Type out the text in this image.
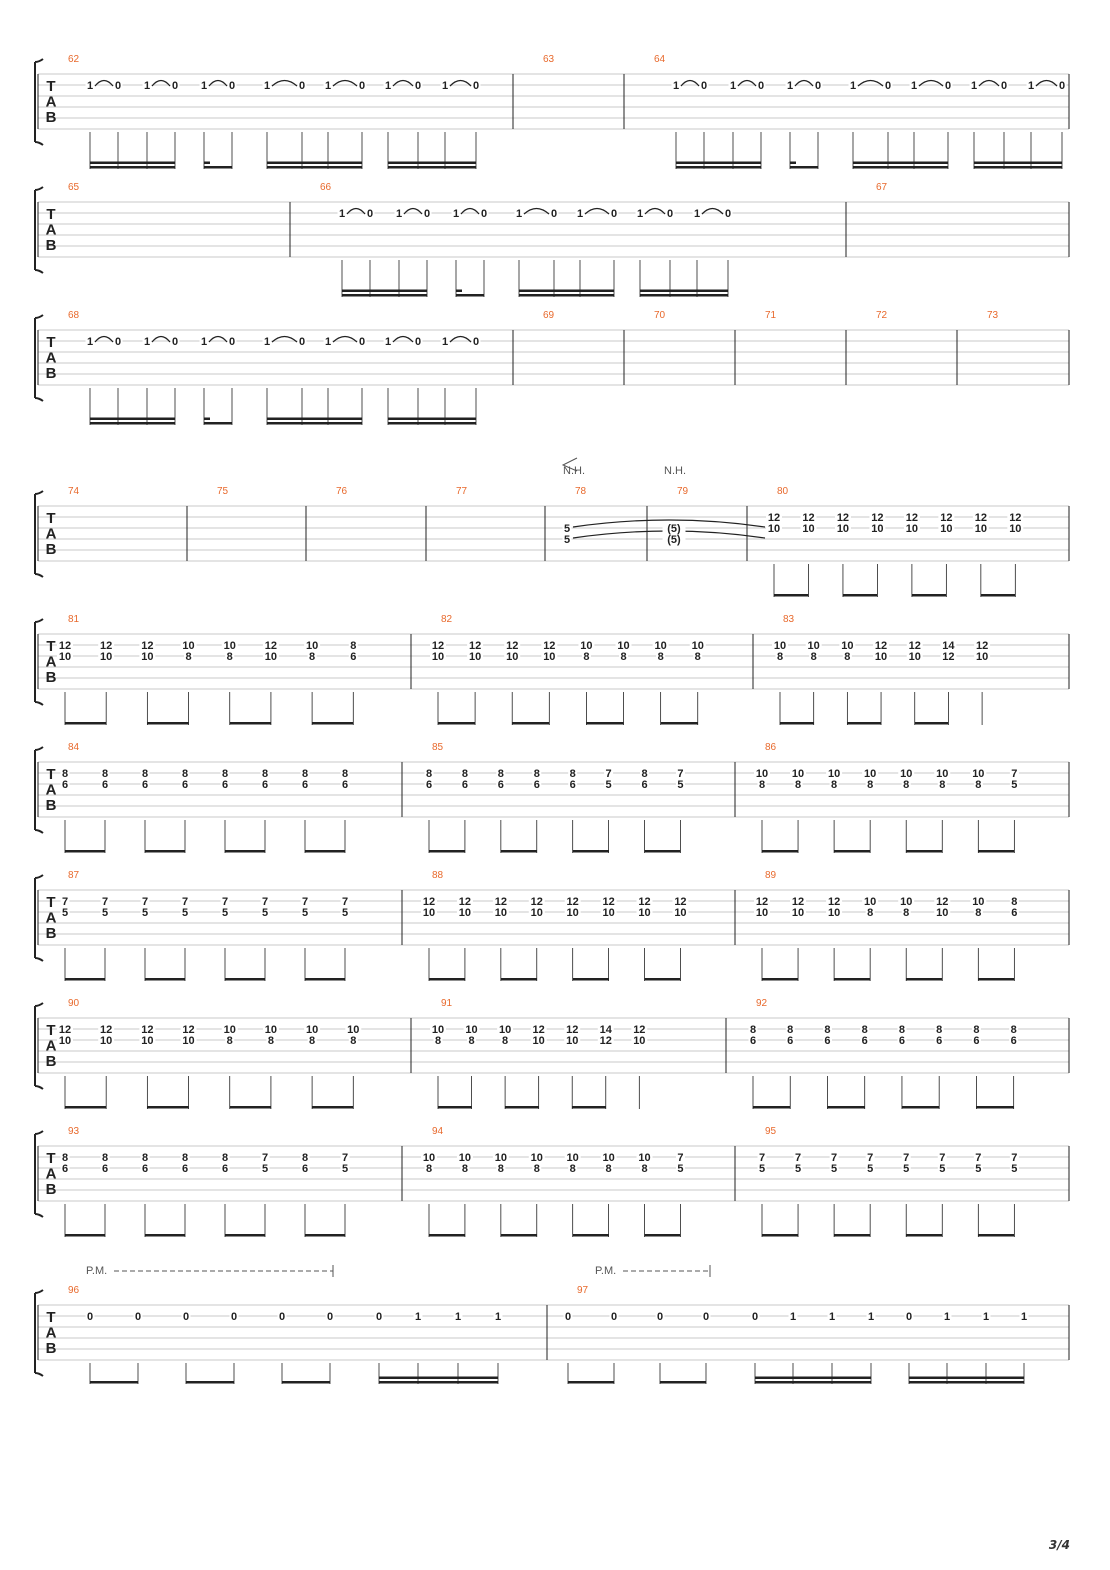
T
A
B
62
1 0 1 0 1 0	1	0 1	0 1 0 1 0
63	64
1 0 1 0 1 0	1	0 1	0 1 0 1 0
T
A
B
65	66
1 0 1 0 1 0	1	0 1	0 1 0 1 0
67
T
A
B
68
1 0 1 0 1 0	1	0 1	0 1 0 1 0
69	70	71	72	73
T
A
B
74	75	76	77	78
5
5
79
(5)
(5)
80
12
10
12
10
12
10
12
10
12
10
12
10
12
10
12
10
N.H.	N.H.
T
A
B
81
12
10
12
10
12
10
10
8
10
8
12
10
10
8
8
6
82
12
10
12
10
12
10
12
10
10
8
10
8
10
8
10
8
83
10
8
10
8
10
8
12
10
12
10
14
12
12
10
T
A
B
84
8
6
8
6
8
6
8
6
8
6
8
6
8
6
8
6
85
8
6
8
6
8
6
8
6
8
6
7
5
8
6
7
5
86
10
8
10
8
10
8
10
8
10
8
10
8
10
8
7
5
T
A
B
87
7
5
7
5
7
5
7
5
7
5
7
5
7
5
7
5
88
12
10
12
10
12
10
12
10
12
10
12
10
12
10
12
10
89
12
10
12
10
12
10
10
8
10
8
12
10
10
8
8
6
T
A
B
90
12
10
12
10
12
10
12
10
10
8
10
8
10
8
10
8
91
10
8
10
8
10
8
12
10
12
10
14
12
12
10
92
8
6
8
6
8
6
8
6
8
6
8
6
8
6
8
6
T
A
B
93
8
6
8
6
8
6
8
6
8
6
7
5
8
6
7
5
94
10
8
10
8
10
8
10
8
10
8
10
8
10
8
7
5
95
7
5
7
5
7
5
7
5
7
5
7
5
7
5
7
5
T
A
B
96
0	0	0	0	0	0	0	1	1	1
97
0	0	0	0	0	1	1	1	0	1	1	1
P.M.	P.M.
3/4
